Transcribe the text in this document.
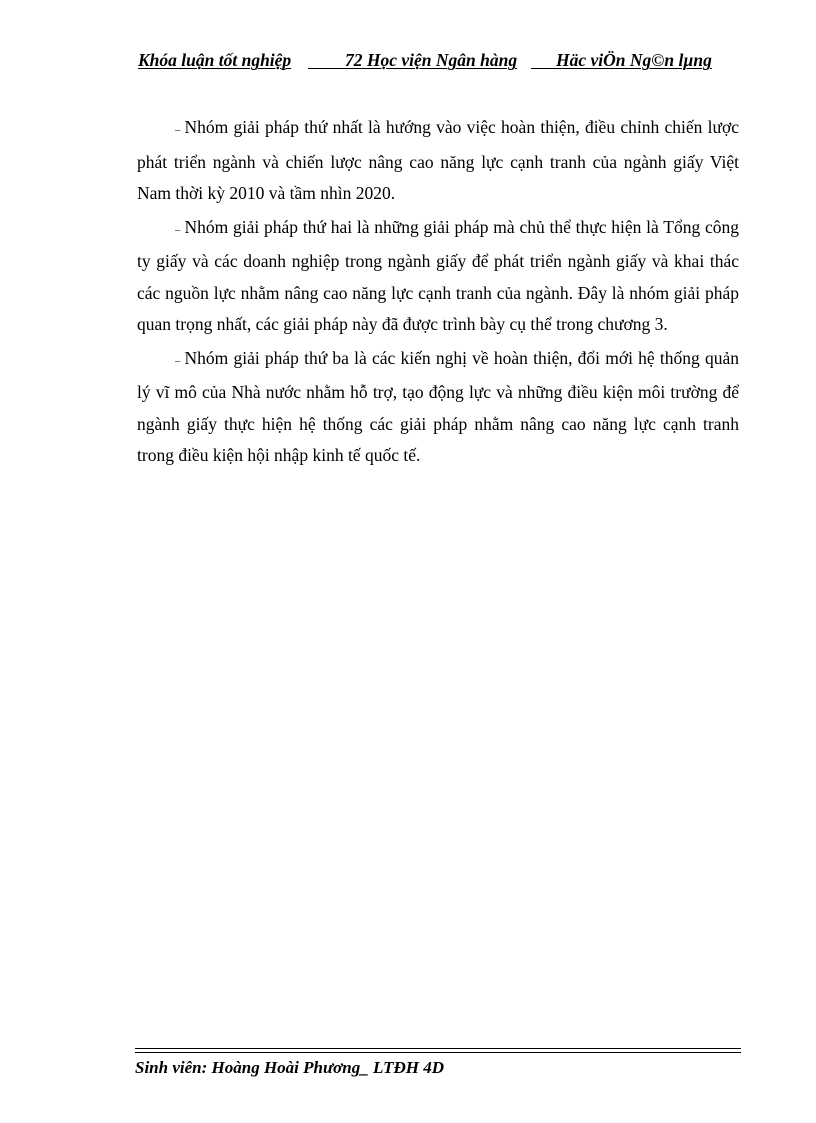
Khóa luận tốt nghiệp	72 Học viện Ngân hàng Häc viÖn Ng©n lµng

– Nhóm giải pháp thứ nhất là hướng vào việc hoàn thiện, điều chỉnh chiến lược phát triển ngành và chiến lược nâng cao năng lực cạnh tranh của ngành giấy Việt Nam thời kỳ 2010 và tầm nhìn 2020.

– Nhóm giải pháp thứ hai là những giải pháp mà chủ thể thực hiện là Tổng công ty giấy và các doanh nghiệp trong ngành giấy để phát triển ngành giấy và khai thác các nguồn lực nhằm nâng cao năng lực cạnh tranh của ngành. Đây là nhóm giải pháp quan trọng nhất, các giải pháp này đã được trình bày cụ thể trong chương 3.

– Nhóm giải pháp thứ ba là các kiến nghị về hoàn thiện, đổi mới hệ thống quản lý vĩ mô của Nhà nước nhằm hỗ trợ, tạo động lực và những điều kiện môi trường để ngành giấy thực hiện hệ thống các giải pháp nhằm nâng cao năng lực cạnh tranh trong điều kiện hội nhập kinh tế quốc tế.

Sinh viên: Hoàng Hoài Phương_ LTĐH 4D
